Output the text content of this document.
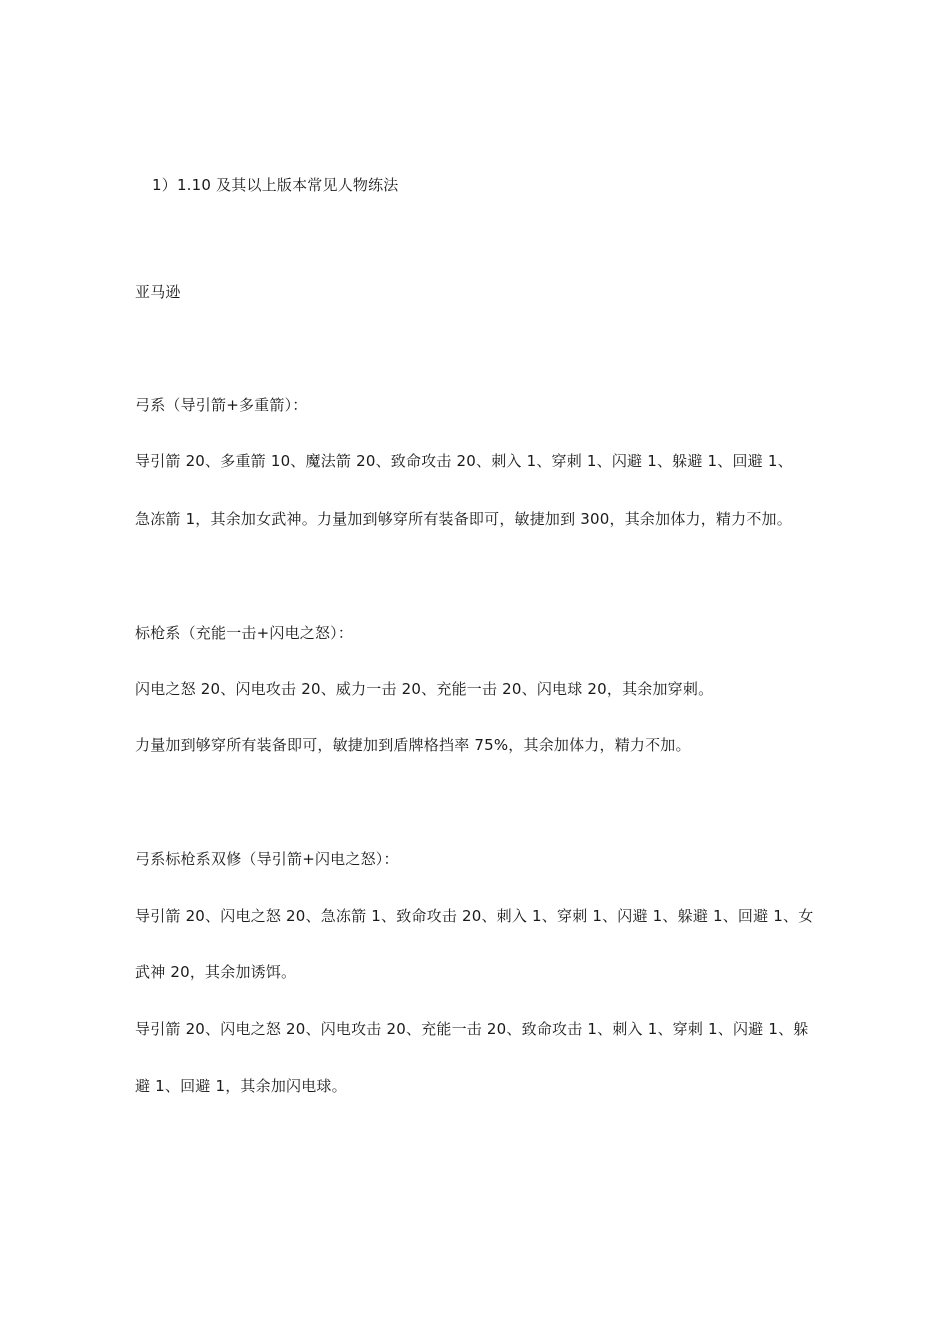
1）1.10 及其以上版本常见人物练法
亚马逊
弓系（导引箭+多重箭）：
导引箭 20、多重箭 10、魔法箭 20、致命攻击 20、刺入 1、穿刺 1、闪避 1、躲避 1、回避 1、
急冻箭 1，其余加女武神。力量加到够穿所有装备即可，敏捷加到 300，其余加体力，精力不加。
标枪系（充能一击+闪电之怒）：
闪电之怒 20、闪电攻击 20、威力一击 20、充能一击 20、闪电球 20，其余加穿刺。
力量加到够穿所有装备即可，敏捷加到盾牌格挡率 75%，其余加体力，精力不加。
弓系标枪系双修（导引箭+闪电之怒）：
导引箭 20、闪电之怒 20、急冻箭 1、致命攻击 20、刺入 1、穿刺 1、闪避 1、躲避 1、回避 1、女
武神 20，其余加诱饵。
导引箭 20、闪电之怒 20、闪电攻击 20、充能一击 20、致命攻击 1、刺入 1、穿刺 1、闪避 1、躲
避 1、回避 1，其余加闪电球。
